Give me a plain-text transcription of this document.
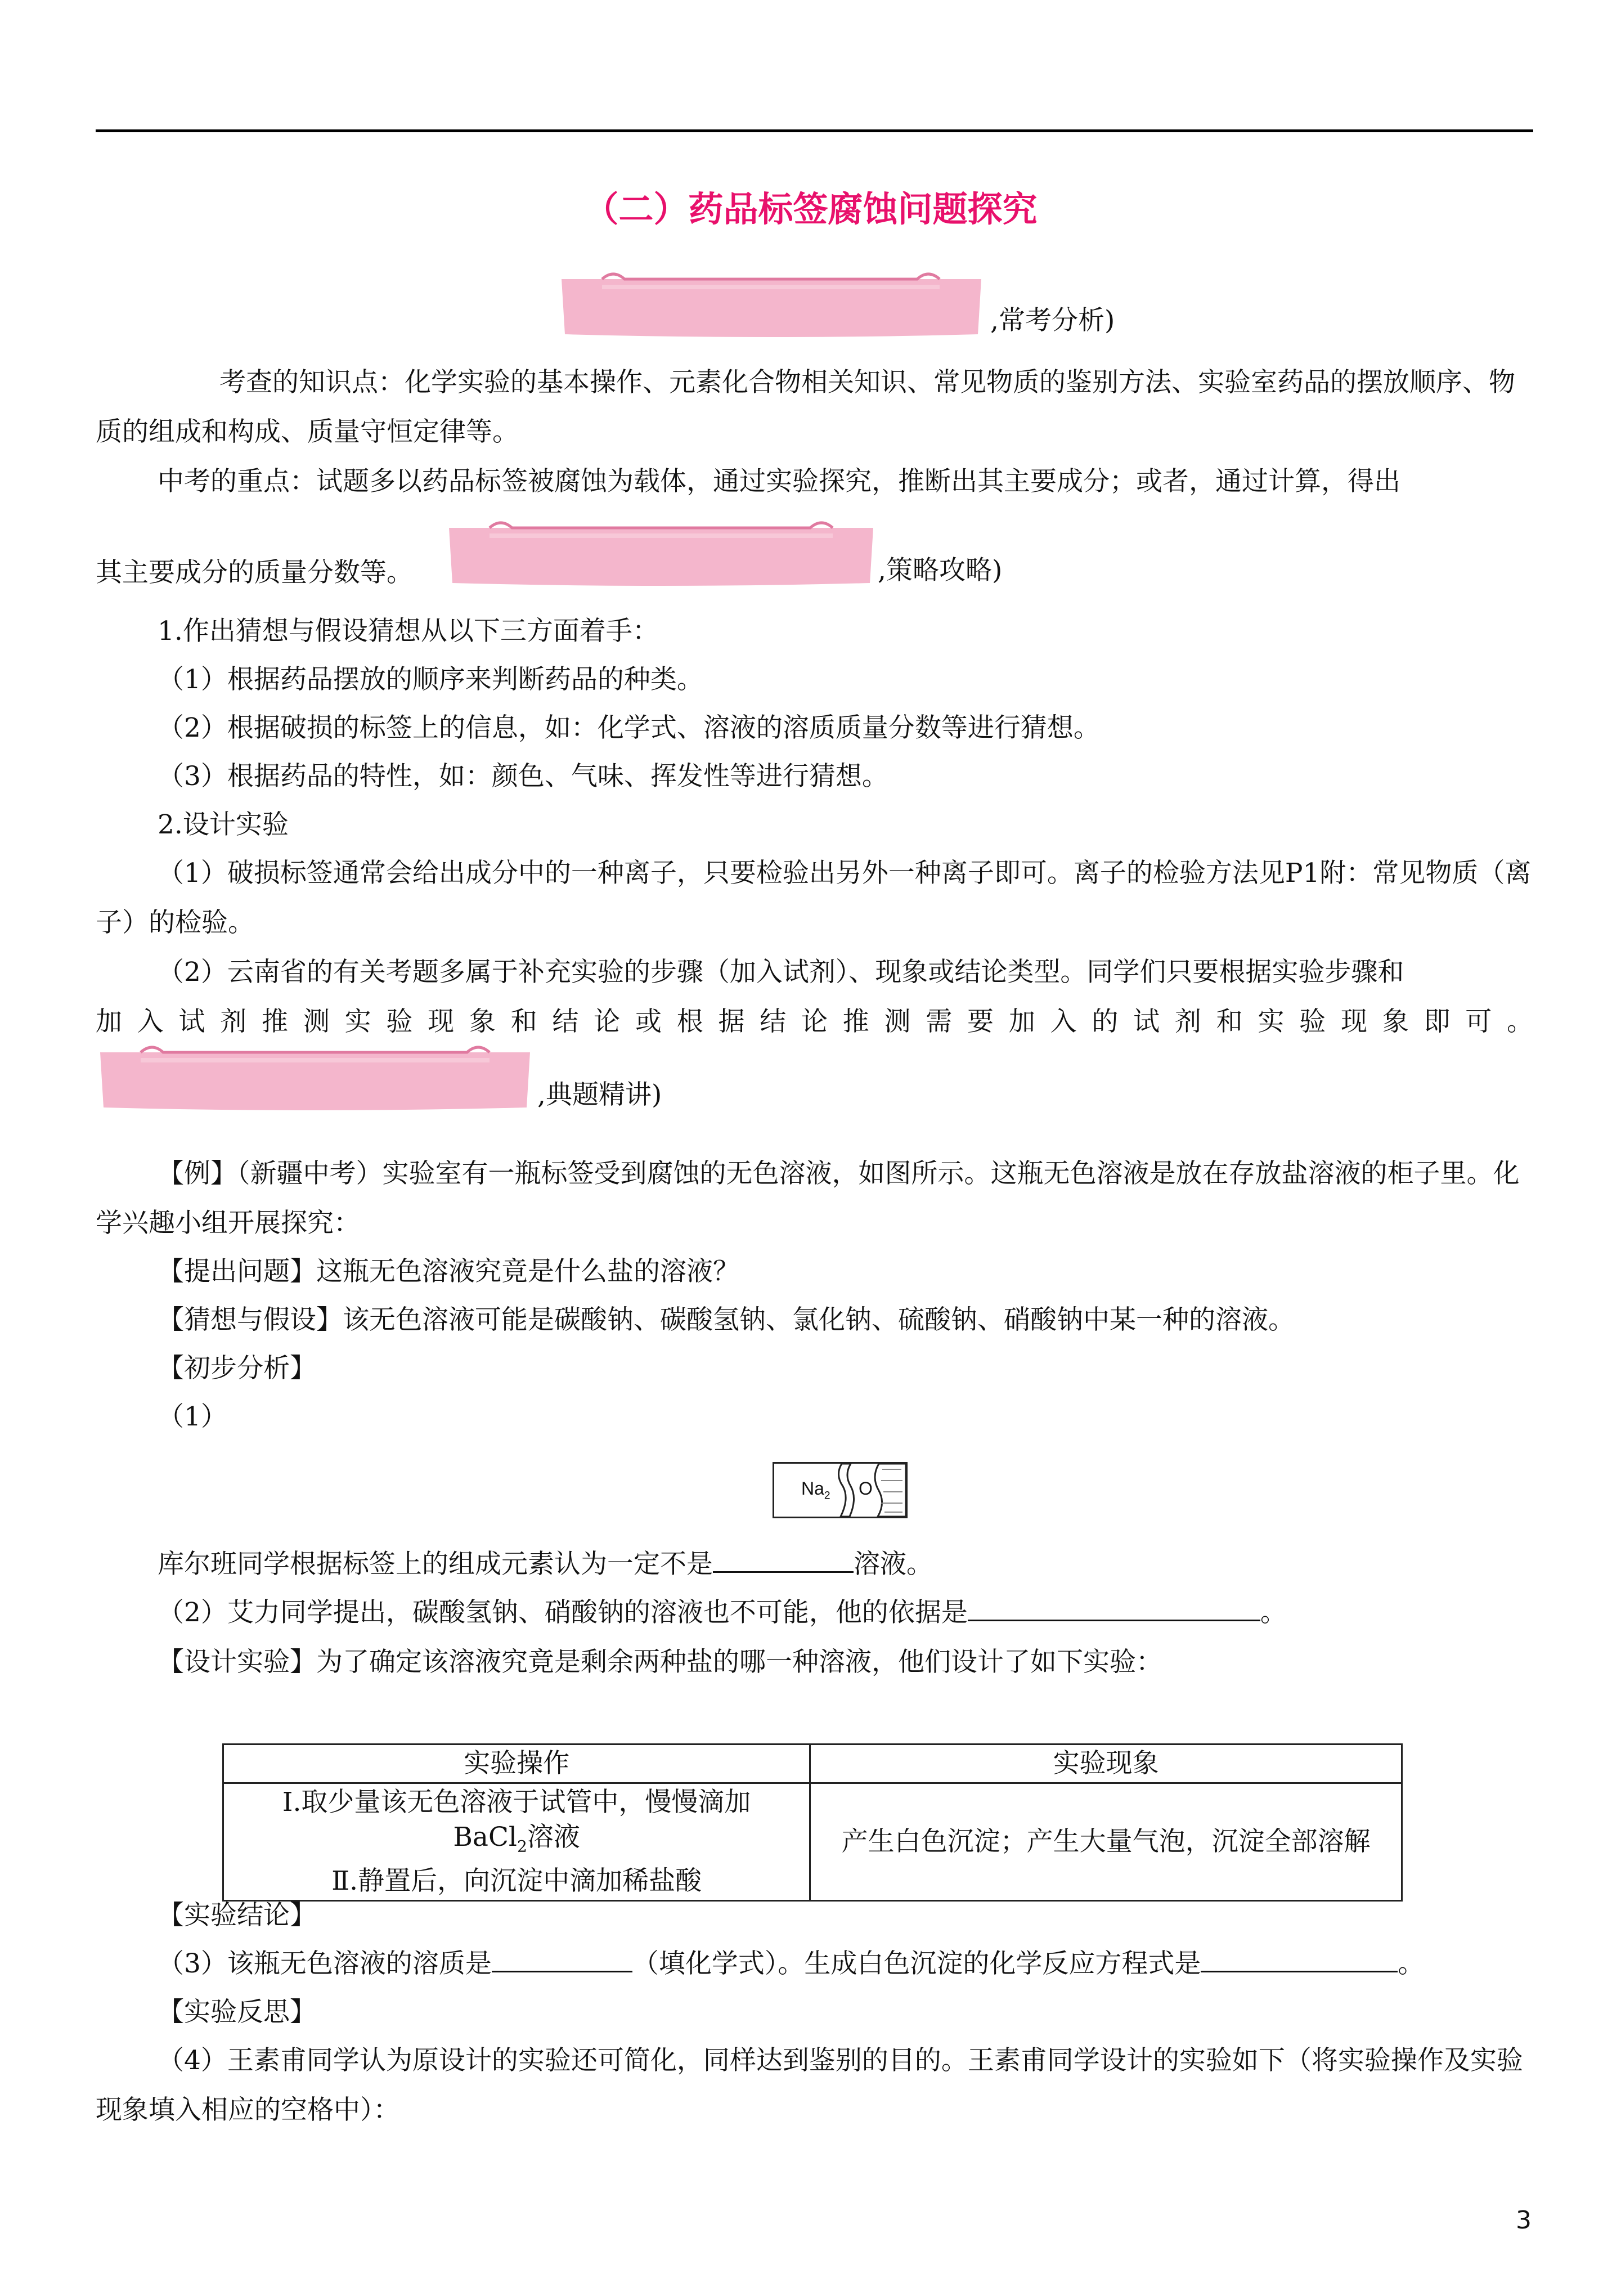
（二）药品标签腐蚀问题探究
,常考分析)
考查的知识点：化学实验的基本操作、元素化合物相关知识、常见物质的鉴别方法、实验室药品的摆放顺序、物质的组成和构成、质量守恒定律等。
中考的重点：试题多以药品标签被腐蚀为载体，通过实验探究，推断出其主要成分；或者，通过计算，得出
其主要成分的质量分数等。	,策略攻略)
1.作出猜想与假设猜想从以下三方面着手：
（1）根据药品摆放的顺序来判断药品的种类。
（2）根据破损的标签上的信息，如：化学式、溶液的溶质质量分数等进行猜想。
（3）根据药品的特性，如：颜色、气味、挥发性等进行猜想。
2.设计实验
（1）破损标签通常会给出成分中的一种离子，只要检验出另外一种离子即可。离子的检验方法见P1附：常见物质（离子）的检验。
（2）云南省的有关考题多属于补充实验的步骤（加入试剂）、现象或结论类型。同学们只要根据实验步骤和
加入试剂推测实验现象和结论或根据结论推测需要加入的试剂和实验现象即可。
,典题精讲)
【例】（新疆中考）实验室有一瓶标签受到腐蚀的无色溶液，如图所示。这瓶无色溶液是放在存放盐溶液的柜子里。化学兴趣小组开展探究：
【提出问题】这瓶无色溶液究竟是什么盐的溶液？
【猜想与假设】该无色溶液可能是碳酸钠、碳酸氢钠、氯化钠、硫酸钠、硝酸钠中某一种的溶液。
【初步分析】
（1）
$Na_2$ O
库尔班同学根据标签上的组成元素认为一定不是	溶液。
（2）艾力同学提出，碳酸氢钠、硝酸钠的溶液也不可能，他的依据是	。
【设计实验】为了确定该溶液究竟是剩余两种盐的哪一种溶液，他们设计了如下实验：
实验操作	实验现象

Ⅰ.取少量该无色溶液于试管中，慢慢滴加
BaCl$_2$溶液
Ⅱ.静置后，向沉淀中滴加稀盐酸	产生白色沉淀；产生大量气泡，沉淀全部溶解
【实验结论】
（3）该瓶无色溶液的溶质是	（填化学式）。生成白色沉淀的化学反应方程式是	。
【实验反思】
（4）王素甫同学认为原设计的实验还可简化，同样达到鉴别的目的。王素甫同学设计的实验如下（将实验操作及实验现象填入相应的空格中）：
3
